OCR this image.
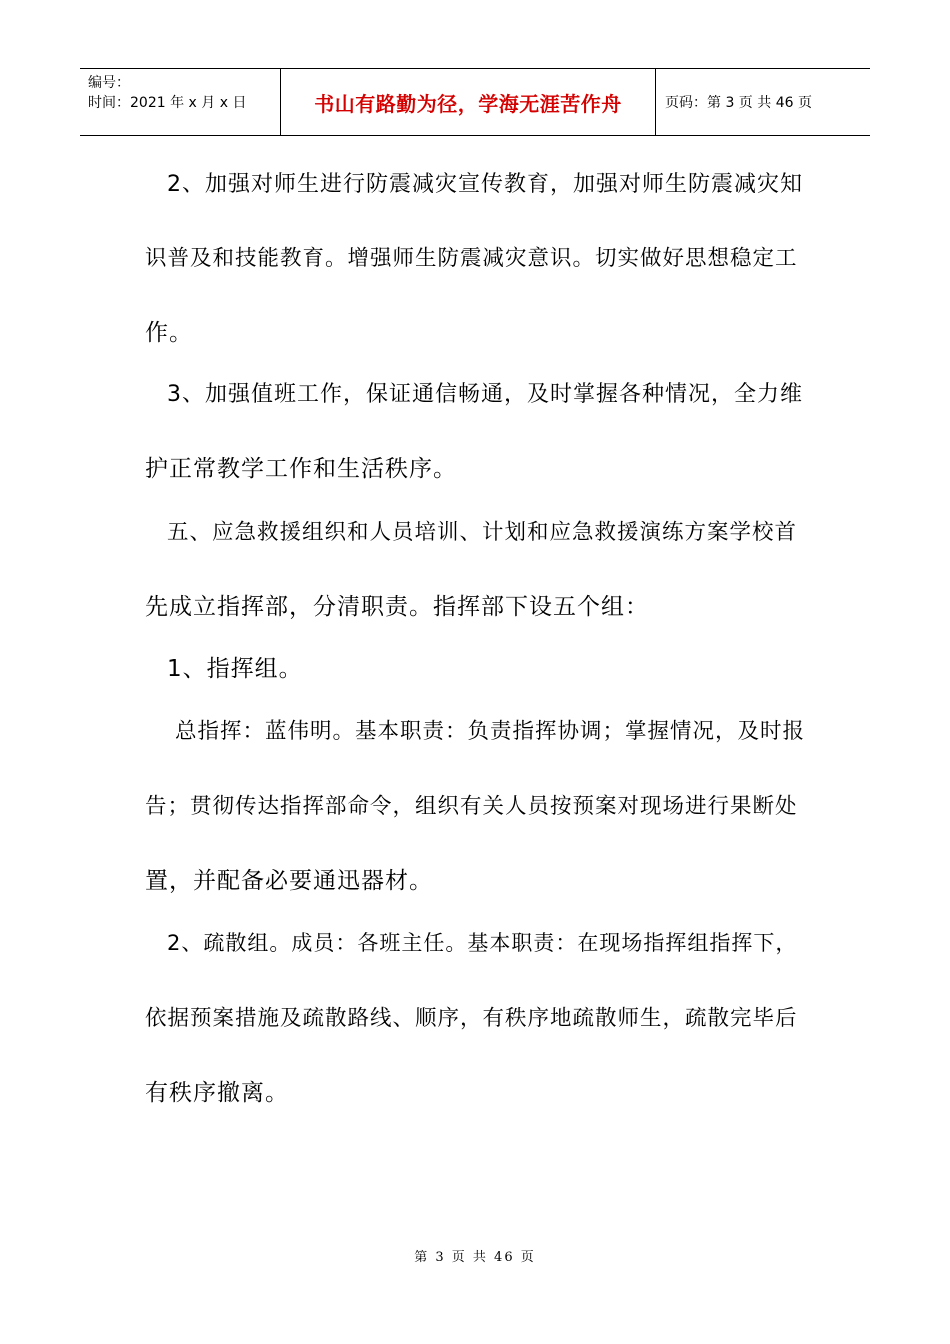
编号：
时间：2021 年 x 月 x 日	书山有路勤为径，学海无涯苦作舟	页码：第 3 页 共 46 页
2、加强对师生进行防震减灾宣传教育，加强对师生防震减灾知
识普及和技能教育。增强师生防震减灾意识。切实做好思想稳定工
作。
3、加强值班工作，保证通信畅通，及时掌握各种情况，全力维
护正常教学工作和生活秩序。
五、应急救援组织和人员培训、计划和应急救援演练方案学校首
先成立指挥部，分清职责。指挥部下设五个组：
1、指挥组。
总指挥：蓝伟明。基本职责：负责指挥协调；掌握情况，及时报
告；贯彻传达指挥部命令，组织有关人员按预案对现场进行果断处
置，并配备必要通迅器材。
2、疏散组。成员：各班主任。基本职责：在现场指挥组指挥下，
依据预案措施及疏散路线、顺序，有秩序地疏散师生，疏散完毕后
有秩序撤离。
第 3 页 共 46 页
